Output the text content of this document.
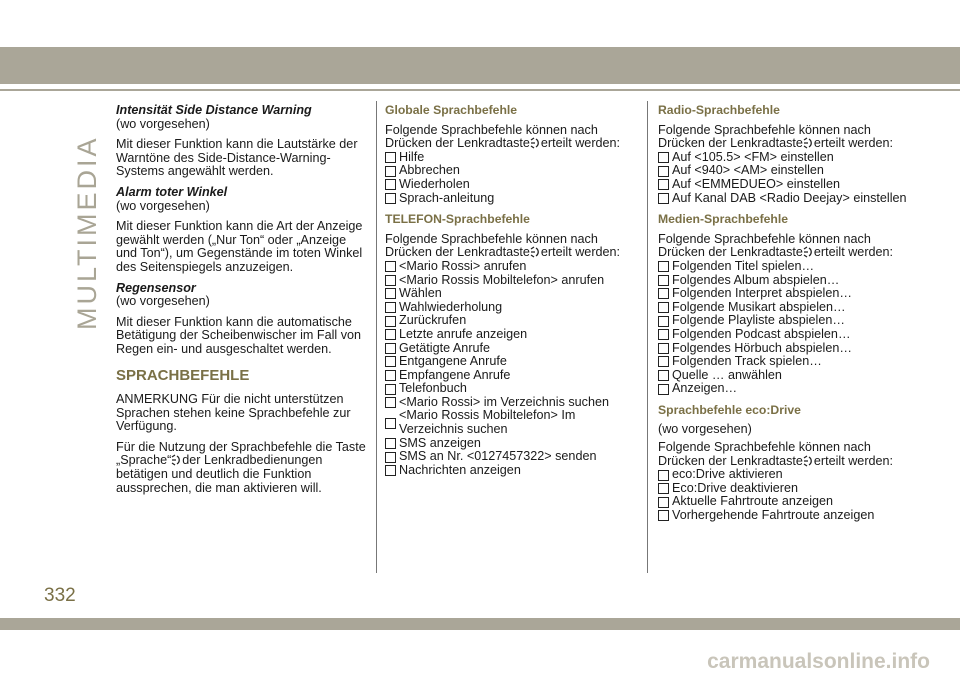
MULTIMEDIA
Intensität Side Distance Warning
(wo vorgesehen)
Mit dieser Funktion kann die Lautstärke der Warntöne des Side-Distance-Warning-Systems angewählt werden.
Alarm toter Winkel
(wo vorgesehen)
Mit dieser Funktion kann die Art der Anzeige gewählt werden („Nur Ton“ oder „Anzeige und Ton“), um Gegenstände im toten Winkel des Seitenspiegels anzuzeigen.
Regensensor
(wo vorgesehen)
Mit dieser Funktion kann die automatische Betätigung der Scheibenwischer im Fall von Regen ein- und ausgeschaltet werden.
SPRACHBEFEHLE
ANMERKUNG Für die nicht unterstützen Sprachen stehen keine Sprachbefehle zur Verfügung.
Für die Nutzung der Sprachbefehle die Taste „Sprache“ der Lenkradbedienungen betätigen und deutlich die Funktion aussprechen, die man aktivieren will.
Globale Sprachbefehle
Folgende Sprachbefehle können nach Drücken der Lenkradtaste erteilt werden:
Hilfe
Abbrechen
Wiederholen
Sprach-anleitung
TELEFON-Sprachbefehle
Folgende Sprachbefehle können nach Drücken der Lenkradtaste erteilt werden:
<Mario Rossi> anrufen
<Mario Rossis Mobiltelefon> anrufen
Wählen
Wahlwiederholung
Zurückrufen
Letzte anrufe anzeigen
Getätigte Anrufe
Entgangene Anrufe
Empfangene Anrufe
Telefonbuch
<Mario Rossi> im Verzeichnis suchen
<Mario Rossis Mobiltelefon> Im Verzeichnis suchen
SMS anzeigen
SMS an Nr. <0127457322> senden
Nachrichten anzeigen
Radio-Sprachbefehle
Folgende Sprachbefehle können nach Drücken der Lenkradtaste erteilt werden:
Auf <105.5> <FM> einstellen
Auf <940> <AM> einstellen
Auf <EMMEDUEO> einstellen
Auf Kanal DAB <Radio Deejay> einstellen
Medien-Sprachbefehle
Folgende Sprachbefehle können nach Drücken der Lenkradtaste erteilt werden:
Folgenden Titel spielen…
Folgendes Album abspielen…
Folgenden Interpret abspielen…
Folgende Musikart abspielen…
Folgende Playliste abspielen…
Folgenden Podcast abspielen…
Folgendes Hörbuch abspielen…
Folgenden Track spielen…
Quelle … anwählen
Anzeigen…
Sprachbefehle eco:Drive
(wo vorgesehen)
Folgende Sprachbefehle können nach Drücken der Lenkradtaste erteilt werden:
eco:Drive aktivieren
Eco:Drive deaktivieren
Aktuelle Fahrtroute anzeigen
Vorhergehende Fahrtroute anzeigen
332
carmanualsonline.info
